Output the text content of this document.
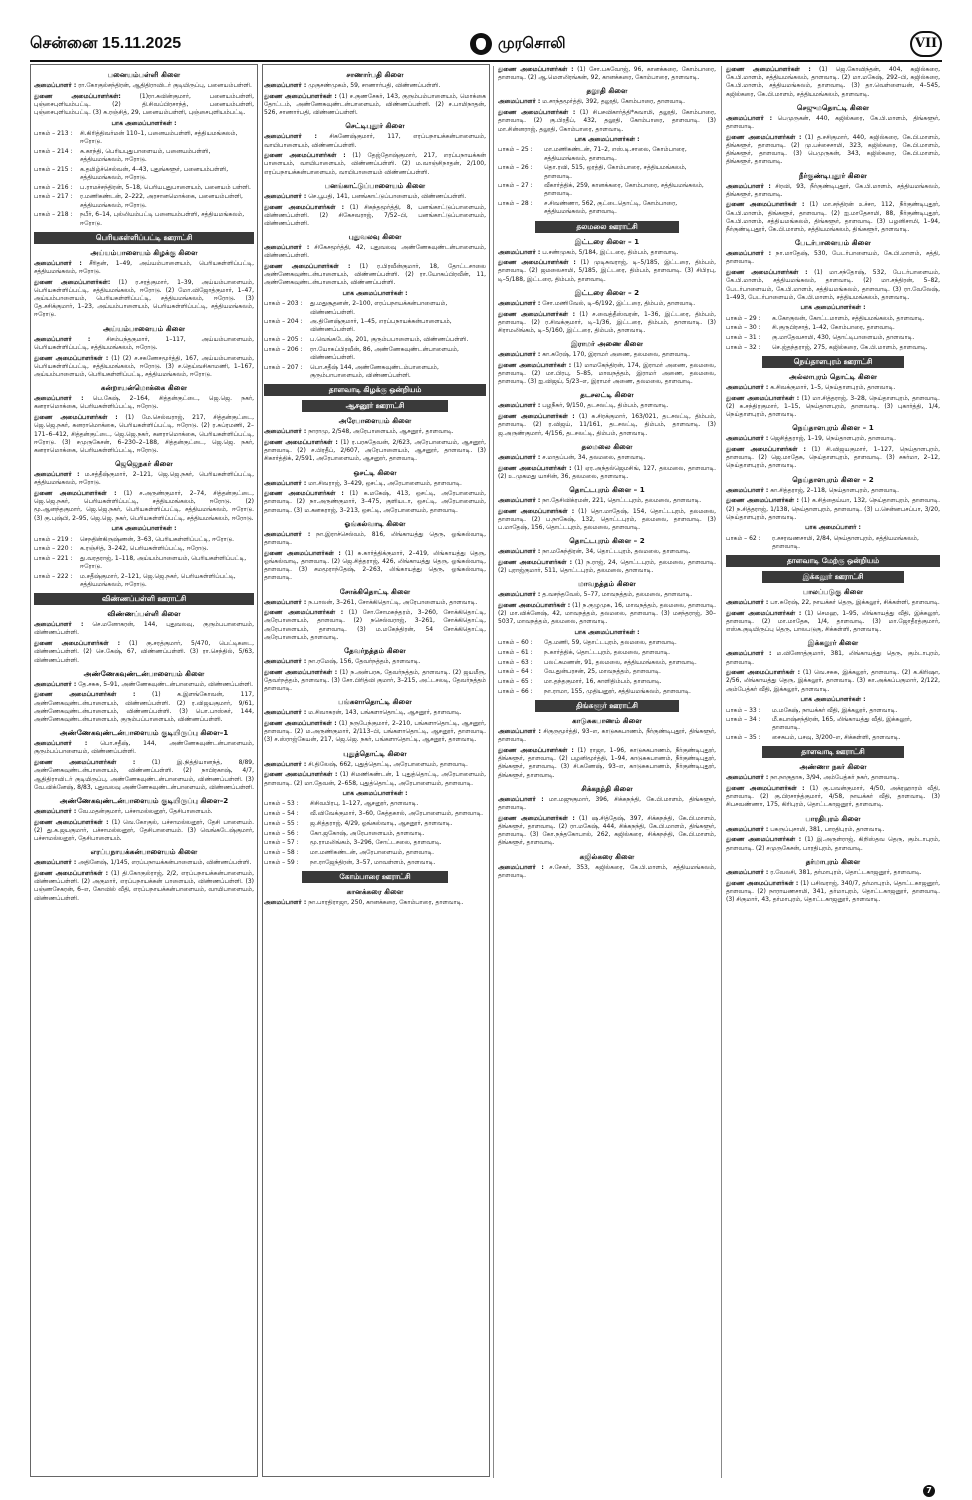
சென்னை 15.11.2025	முரசொலி	VII
பனையம்பள்ளி கிளை
அமைப்பாளர் : ரா.கோகுல்சந்திரன், ஆதிதிராவிடர் குடியிருப்பு, பனையம்பள்ளி.
துணை அமைப்பாளர்கள்:	(1)ரா.கவின்குமார், பனையம்பள்ளி, புஞ்சைபுளியம்பட்டி. (2) தி.சிவப்பிரசாந்த், பனையம்பள்ளி, புஞ்சைபுளியம்பட்டி. (3) சு.ரஞ்சித், 29, பனையம்பள்ளி, புஞ்சைபுளியம்பட்டி.
பாக அமைப்பாளர்கள் :
பாகம் – 213 :	சி.கிரித்திவர்மன் 110–1, பனையம்பள்ளி, சத்தியமங்கலம், ஈரோடு.
பாகம் – 214 :	சு.காந்தி, பெரியபுதுபாளையம், பனையம்பள்ளி, சத்தியமங்கலம், ஈரோடு.
பாகம் – 215 :	க.தமிழ்ச்செல்வன், 4–43, புதுங்களூர், பனையம்பள்ளி, சத்தியமங்கலம், ஈரோடு.
பாகம் – 216 :	ப.ராமச்சந்திரன், 5–18, பெரியபுதுபாளையம், பனையம் பள்ளி.
பாகம் – 217 :	ர.மணிகண்டன், 2–222, அரசானமொக்கை, பனையம்பள்ளி, சத்தியமங்கலம், ஈரோடு.
பாகம் – 218 :	நபீர், 6–14, புல்லியம்பட்டி பனையம்பள்ளி, சத்தியமங்கலம், ஈரோடு.
பெரியகள்ளிப்பட்டி ஊராட்சி
அய்யம்பாளையம் கிழக்கு கிளை
அமைப்பாளர் : சீரிதன், 1–49, அய்யம்பாளையம், பெரியகள்ளிப்பட்டி, சத்தியமங்கலம், ஈரோடு.
துணை அமைப்பாளர்கள்: (1) ர.சரத்குமார், 1–39, அய்யம்பாளையம், பெரியகள்ளிப்பட்டி, சத்தியமங்கலம், ஈரோடு. (2) மோ.விஜோத்குமார், 1–47, அய்யம்பாளையம், பெரியகள்ளிப்பட்டி, சத்தியமங்கலம், ஈரோடு. (3) தே.சசிக்குமார், 1–23, அய்யம்பாளையம், பெரியகள்ளிப்பட்டி, சத்தியமங்கலம், ஈரோடு.
அய்யம்பாளையம் கிளை
அமைப்பாளர் :	சிசம்பந்தகுமார், 1–117, அய்யம்பாளையம், பெரியகள்ளிப்பட்டி, சத்தியமங்கலம், ஈரோடு.
துணை அமைப்பாளர்கள் : (1) (2) ச.சகணேசமூர்த்தி, 167, அய்யம்பாளையம், பெரியகள்ளிப்பட்டி, சத்தியமங்கலம், ஈரோடு. (3) ச.தெய்வசிகாமணி, 1–167, அய்யம்பாளையம், பெரியகள்ளிப்பட்டி, சத்தியமங்கலம், ஈரோடு.
கன்றாயன்மொக்கை கிளை
அமைப்பாளர் : பெ.கேஷ், 2–164, சித்தன்குட்டை, ஜெ.ஜெ. நகர், கனராமொக்கை, பெரியகள்ளிப்பட்டி, ஈரோடு.
துணை அமைப்பாளர்கள் : (1) மே.செல்வராஜ், 217, சித்தன்குட்டை, ஜெ.ஜெ.நகர், கனராமொக்கை, பெரியகள்ளிப்பட்டி, ஈரோடு. (2) ர.சுப்ரமணி, 2–171–6–412, சித்தன்குட்டை, ஜெ.ஜெ.நகர், கனராமொக்கை, பெரியகள்ளிப்பட்டி, ஈரோடு. (3) சமுருகேசன், 6–230–2–188, சித்தன்குட்டை, ஜெ.ஜெ. நகர், கனராமொக்கை, பெரியகள்ளிப்பட்டி, ஈரோடு.
ஜெஜெநகர் கிளை
அமைப்பாளர் : ம.சத்தீஷ்குமார், 2–121, ஜெ.ஜெ.நகர், பெரியகள்ளிப்பட்டி, சத்தியமங்கலம், ஈரோடு.
துணை அமைப்பாளர்கள் : (1) ச.அருண்குமார், 2–74, சித்தன்குட்டை, ஜெ.ஜெ.நகர், பெரியகள்ளிப்பட்டி, சத்தியமங்கலம், ஈரோடு. (2) மூ.ஆனந்தகுமார், ஜெ.ஜெ.நகர், பெரியகள்ளிப்பட்டி, சத்தியமங்கலம், ஈரோடு. (3) கு.புஷ்பி, 2–95, ஜெ.ஜெ. நகர், பெரியகள்ளிப்பட்டி, சத்தியமங்கலம், ஈரோடு.
பாக அமைப்பாளர்கள் :
பாகம் – 219 :	செநதின்கிருஷ்ணன், 3–63, பெரியகள்ளிப்பட்டி, ஈரோடு.
பாகம் – 220 :	க.ரஞ்சித், 3–242, பெரியகள்ளிப்பட்டி, ஈரோடு.
பாகம் – 221 :	து.வரதராஜ், 1–118, அய்யம்பாளையம், பெரியகள்ளிப்பட்டி, ஈரோடு.
பாகம் – 222 :	ம.சதீஷ்குமார், 2–121, ஜெ.ஜெ.நகர், பெரியகள்ளிப்பட்டி, சத்தியமங்கலம், ஈரோடு.
விண்ணப்பள்ளி ஊராட்சி
விண்ணப்பள்ளி கிளை
அமைப்பாளர் : செ.மனோகரன், 144, புதுவலவு, குரும்பபாளையம், விண்ணப்பள்ளி.
துணை அமைப்பாளர்கள் : (1) கு.சரத்குமார், 5/470, பெட்டிகடை, விண்ணப்பள்ளி. (2) செ.கேஷ், 67, விண்ணப்பள்ளி. (3) ரா.செந்தில், 5/63, விண்ணப்பள்ளி.
அண்ணேகவுண்டன்பாளையம் கிளை
அமைப்பாளர் : தே.சசுசு, 5–91, அண்ணேகவுண்டன்பாளையம், விண்ணப்பள்ளி.
துணை அமைப்பாளர்கள் :	(1) க.இளங்கோவன், 117, அண்ணேகவுண்டன்பாளையம், விண்ணப்பள்ளி. (2) ர.விஜயகுமார், 9/61, அண்ணேகவுண்டன்பாளையம், விண்ணப்பள்ளி. (3) பொ.பாஸ்கர், 144, அண்ணேகவுண்டன்பாளையம், குரும்பப்பாளையம், விண்ணப்பள்ளி.
அண்ணேகவுண்டன்பாளையம் குடியிருப்பு கிளை–1
அமைப்பாளர் : பொ.சதீஷ், 144, அண்ணேகவுண்டன்பாளையம், குரும்பப்பாளையம், விண்ணப்பள்ளி.
துணை அமைப்பாளர்கள் :	(1) இ.நித்தியானந்த், 8/89, அண்ணேகவுண்டன்பாளையம், விண்ணப்பள்ளி. (2) நாபிரகாஷ், 4/7, ஆதிதிராவிடர் குடியிருப்பு, அண்ணேகவுண்டன்பாளையம், விண்ணப்பள்ளி. (3) வே.விக்னேஷ், 8/83, புதுவலவு அண்ணேகவுண்டன்பாளையம், விண்ணப்பள்ளி.
அண்ணேகவுண்டன்பாளையம் குடியிருப்பு கிளை–2
அமைப்பாளர் : வே.மதன்குமார், பச்சாமல்லனூர், தேசிபாளையம்.
துணை அமைப்பாளர்கள் : (1) வெ.கோகுல், பச்சாமல்லனூர், தேசி பாளையம். (2) து.க.ஜயகுமார், பச்சாமல்லனூர், தேசிபாளையம். (3) வெங்கடேஷ்குமார், பச்சாமல்லனூர், தேசிபாளையம்.
எரப்பநாயக்கன்பாளையம் கிளை
அமைப்பாளர் : அதினேஷ், 1/145, எரப்பநாயக்கன்பாளையம், விண்ணப்பள்ளி.
துணை அமைப்பாளர்கள் : (1) தி.கோகுல்ராஜ், 2/2, எரப்பநாயக்கன்பாளையம், விண்ணப்பள்ளி. (2) அகுமார், எரப்பநாயக்கன் பாளையம், விண்ணப்பள்ளி. (3) பஞ்ணசேகரன், 6–எ, கோவில் வீதி, எரப்பநாயக்கன்பாளையம், வாயிபாளையம், விண்ணப்பள்ளி.
சாணார்பதி கிளை
அமைப்பாளர் : முகுசண்முகம், 59, சாணார்பதி, விண்ணப்பள்ளி.
துணை அமைப்பாளர்கள் : (1) ச.குணசேகர், 143, குரும்பம்பாளையம், மொக்கை தோட்டம், அண்ணேகவுண்டன்பாளையம், விண்ணப்பள்ளி. (2) ச.பாமிநாதன், 526, சாணார்பதி, விண்ணப்பள்ளி.
செட்டிபுதூர் கிளை
அமைப்பாளர் : சிகணேஷ்குமார், 117, எரப்பநாயக்கன்பாளையம், வாயிபாளையம், விண்ணப்பள்ளி.
துணை அமைப்பாளர்கள் : (1) தேஜ்தோஷ்குமார், 217, எரப்பநாயக்கன் பாளையம், வாயிபாளையம், விண்ணப்பள்ளி. (2) ம.வாஞ்சிநாதன், 2/100, எரப்பநாயக்கன்பாளையம், வாயிபாளையம் விண்ணப்பள்ளி.
பனங்காட்டுப்பாளையம் கிளை
அமைப்பாளர் : செ.பூபதி, 141, பனங்காட்டுப்பாளையம், விண்ணப்பள்ளி.
துணை அமைப்பாளர்கள் : (1) சிகந்தமூர்த்தி, 8, பனங்காட்டுப்பாளையம், விண்ணப்பள்ளி. (2) சிகேசவராஜ், 7/52–பி, பனங்காட்டுப்பாளையம், விண்ணப்பள்ளி.
புதுவலவு கிளை
அமைப்பாளர் : சிகேசமூர்த்தி, 42, புதுவலவு அண்ணேகவுண்டன்பாளையம், விண்ணப்பள்ளி.
துணை அமைப்பாளர்கள் : (1) ர.பிரவீன்குமார், 18, தோட்டசாலை அண்ணேகவுண்டன்பாளையம், விண்ணப்பள்ளி. (2) ரா.யோகப்பிரவீன், 11, அண்ணேகவுண்டன்பாளையம், விண்ணப்பள்ளி.
பாக அமைப்பாளர்கள் :
பாகம் – 203 :	து.மதுசூதனன், 2–100, எரப்பநாயக்கன்பாளையம், விண்ணப்பள்ளி.
பாகம் – 204 :	அ.தினேஷ்குமார், 1–45, எரப்பநாயக்கன்பாளையம், விண்ணப்பள்ளி.
பாகம் – 205 :	ப.வெங்கடேஷ், 201, குரும்பபாளையம், விண்ணப்பள்ளி.
பாகம் – 206 :	ரா.யோகப்பிரவீன், 86, அண்ணேகவுண்டன்பாளையம், விண்ணப்பள்ளி.
பாகம் – 207 :	பொ.சதீஷ் 144, அண்ணேகவுண்டம்பாளையம், குரும்பாபாளையம், விண்ணப்பள்ளி.
தாளவாடி கிழக்கு ஒன்றியம்
ஆசனூர் ஊராட்சி
அரேபாளையம் கிளை
அமைப்பாளர் : நாராமு, 2/548, அரேபாளையம், ஆசனூர், தாளவாடி.
துணை அமைப்பாளர்கள் : (1) ர.பரசுதேவன், 2/623, அரேபாளையம், ஆசனூர், தாளவாடி. (2) ச.பிரதீப், 2/607, அரேபாளையம், ஆசனூர், தாளவாடி. (3) சிகார்த்திக், 2/591, அரேபாளையம், ஆசனூர், தாளவாடி.
ஒசட்டி கிளை
அமைப்பாளர் : மா.சிவராஜ், 3–429, ஒசட்டி, அரேபாளையம், தாளவாடி.
துணை அமைப்பாளர்கள் : (1) க.மகேஷ், 413, ஒசட்டி, அரேபாளையம், தாளவாடி. (2) நா.அருண்குமார், 3–475, குளியடா, ஒசட்டி, அரேபாளையம், தாளவாடி. (3) ம.கனகராஜ், 3–213, ஒசட்டி, அரேபாளையம், தாளவாடி.
ஓங்கல்வாடி கிளை
அமைப்பாளர் : நா.இராச்செல்வம், 816, லிங்காயத்து தெரு, ஓங்கல்வாடி, தாளவாடி.
துணை அமைப்பாளர்கள் : (1) சு.கார்த்திக்குமார், 2–419, லிங்காயத்து தெரு, ஓங்கல்வாடி, தாளவாடி. (2) ஜெ.சித்தராஜ், 426, லிங்காயத்து தெரு, ஓங்கல்வாடி, தாளவாடி. (3) சமமூராந்தேஷ், 2–263, லிங்காயத்து தெரு, ஓங்கல்வாடி, தாளவாடி.
சோக்கிதொட்டி கிளை
அமைப்பாளர் : ந.பாலன், 3–261, சோக்கிதொட்டி, அரேபாளையம், தாளவாடி.
துணை அமைப்பாளர்கள் : (1) சோ.சோமசுந்தரம், 3–260, சோக்கிதொட்டி, அரேபாளையம், தாளவாடி. (2) நசெல்வராஜ், 3–261, சோக்கிதொட்டி, அரேபாளையம், தாளவாடி. (3) ம.மகேந்திரன், 54 சோக்கிதொட்டி, அரேபாளையம், தாளவாடி.
தேவர்நத்தம் கிளை
அமைப்பாளர் : நா.ரமேஷ், 156, தேவர்நத்தம், தாளவாடி.
துணை அமைப்பாளர்கள் : (1) ந.அன்பரசு, தேவர்நத்தம், தாளவாடி. (2) ஜயமீரு, தேவர்நத்தம், தாளவாடி. (3) சோ.பிரித்வி குமார், 3–215, அட்டசலடி, தேவர்நத்தம் தாளவாடி.
பங்களாதொட்டி கிளை
அமைப்பாளர் : ம.சிவாகரன், 143, பங்களாதொட்டி, ஆசனூர், தாளவாடி.
துணை அமைப்பாளர்கள் : (1) நருபேந்குமார், 2–210, பங்களாதொட்டி, ஆசனூர், தாளவாடி. (2) ம.அருண்குமார், 2/113–பி, பங்களாதொட்டி, ஆசனூர், தாளவாடி. (3) ச.ஸ்ராஜ்கேயன், 217, ஜெ.ஜெ. நகர், பங்களாதொட்டி, ஆசனூர், தாளவாடி.
புதுத்தொட்டி கிளை
அமைப்பாளர் : சி.திலேஷ், 662, புதுத்தொட்டி, அரேபாளையம், தாளவாடி.
துணை அமைப்பாளர்கள் : (1) சிமணிகண்டன், 1 புதுத்தொட்டி, அரேபாளையம், தாளவாடி. (2) மா.தேவன், 2–658, புதுத்தொட்டி, அரேபாளையம், தாளவாடி.
பாக அமைப்பாளர்கள் :
பாகம் – 53 :	சிசிவபிரபு, 1–127, ஆசனூர், தாளவாடி.
பாகம் – 54 :	வீ.விவேக்குமார், 3–60, கேத்தகால், அரேபாளையம், தாளவாடி.
பாகம் – 55 :	ஜ.சித்தராஜ், 4/29, ஓங்கல்வாடி, ஆசனூர், தாளவாடி.
பாகம் – 56 :	கோ.ஜகோஷ், அரேபாளையம், தாளவாடி.
பாகம் – 57 :	மூ.ராமலிங்கம், 3–296, சோட்டசலை, தாளவாடி.
பாகம் – 58 :	மா.மணிகண்டன், அரேபாளையம், தாளவாடி.
பாகம் – 59 :	நா.ராஜேந்திரன், 3–57, மாவள்ளம், தாளவாடி.
கோம்பாரை ஊராட்சி
கானக்கரை கிளை
அமைப்பாளர் : நா.பாரதிராஜா, 250, கானக்கரை, கோம்பாரை, தாளவாடி.
துணை அமைப்பாளர்கள் : (1) சோ.பசுவோஜ், 96, கானக்கரை, கோம்பாரை, தாளவாடி. (2) ஆ.மெளலிரங்கன், 92, கானக்கரை, கோம்பாரை, தாளவாடி.
தலூதி கிளை
அமைப்பாளர் : ம.சாந்தமூர்த்தி, 392, தலூதி, கோம்பாரை, தாளவாடி.
துணை அமைப்பாளர்கள் : (1) சிபசவிகார்த்தி*சுவாமி, தலூதி, கோம்பாரை, தாளவாடி. (2) கு.பிரதீப், 432, தலூதி, கோம்பாரை, தாளவாடி. (3) மா.சின்னராஜ், தலூதி, கோம்பாரை, தாளவாடி.
பாக அமைப்பாளர்கள் :
பாகம் – 25 :	மா.மணிகண்டன், 71–2, எஸ்.டி.சாலை, கோம்பாரை, சத்தியமங்கலம், தாளவாடி.
பாகம் – 26 :	தொ.ரவி, 515, ஒரத்தி, கோம்பாரை, சத்தியமங்கலம், தாளவாடி.
பாகம் – 27 :	வீகார்த்திக், 259, கானக்கரை, கோம்பாரை, சத்தியமங்கலம், தாளவாடி.
பாகம் – 28 :	ச.சிவண்ணா, 562, குட்டைதொட்டி, கோம்பாரை, சத்தியமங்கலம், தாளவாடி.
தலமலை ஊராட்சி
இட்டரை கிளை – 1
அமைப்பாளர் : ப.சண்முகம், 5/184, இட்டரை, திம்பம், தாளவாடி.
துணை அமைப்பாளர்கள் : (1) முடிசுவராஜ், டி–5/185, இட்டரை, திம்பம், தாளவாடி. (2) ஜமலைசாமி, 5/185, இட்டரை, திம்பம், தாளவாடி. (3) சிபிரபு, டி–5/188, இட்டரை, திம்பம், தாளவாடி.
இட்டரை கிளை – 2
அமைப்பாளர் : சோ.மணிவேல், டி–6/192, இட்டரை, திம்பம், தாளவாடி.
துணை அமைப்பாளர்கள் : (1) ச.வைத்தீஸ்வரன், 1–36, இட்டரை, திம்பம், தாளவாடி. (2) ர.சிவக்குமார், டி–1/36, இட்டரை, திம்பம், தாளவாடி. (3) சிராமலிங்கம், டி–5/160, இட்டரை, திம்பம், தாளவாடி.
இராமர் அணை கிளை
அமைப்பாளர் : கா.கரேஷ், 170, இராமர் அணை, தலமலை, தாளவாடி.
துணை அமைப்பாளர்கள் : (1) மாமகேந்திரன், 174, இராமர் அணை, தலமலை, தாளவாடி. (2) மா.பிரபு, 5–85, மாவநத்தம், இராமர் அணை, தலமலை, தாளவாடி. (3) ஐ.விஜய், 5/23–எ, இராமர் அணை, தலமலை, தாளவாடி.
தடசலட்டி கிளை
அமைப்பாளர் : பழநீசுர், 9/150, தடசலட்டி, திம்பம், தாளவாடி.
துணை அமைப்பாளர்கள் : (1) க.சிரக்குமார், 163/021, தடசலட்டி, திம்பம், தாளவாடி. (2) ர.விஜய், 11/161, தடசலட்டி, திம்பம், தாளவாடி. (3) ஜ.அருண்குமார், 4/156, தடசலட்டி, திம்பம், தாளவாடி.
தலமலை கிளை
அமைப்பாளர் : ச.மாதப்பன், 34, தலமலை, தாளவாடி.
துணை அமைப்பாளர்கள் : (1) ஏர.அந்தல்ஜெமசிங், 127, தலமலை, தாளவாடி. (2) உ.முகமது யாசின், 36, தலமலை, தாளவாடி.
தொட்டபுரம் கிளை – 1
அமைப்பாளர் : நா.தேசிவிக்ரமன், 221, தொட்டபுரம், தலமலை, தாளவாடி.
துணை அமைப்பாளர்கள் : (1) தொ.மாதேஷ், 154, தொட்டபுரம், தலமலை, தாளவாடி. (2) ப.நாகேஷ், 132, தொட்டபுரம், தலமலை, தாளவாடி. (3) ப.மாதேஷ், 156, தொட்டபுரம், தலமலை, தாளவாடி.
தொட்டபுரம் கிளை – 2
அமைப்பாளர் : நா.மகேந்திரன், 34, தொட்டபுரம், தலமலை, தாளவாடி.
துணை அமைப்பாளர்கள் : (1) ந.ராஜ், 24, தொட்டபுரம், தலமலை, தாளவாடி. (2) புராஜ்குமார், 511, தொட்டபுரம், தலமலை, தாளவாடி.
மாவநத்தம் கிளை
அமைப்பாளர் : த.வசந்தவேல், 5–77, மாவநத்தம், தலமலை, தாளவாடி.
துணை அமைப்பாளர்கள் : (1) ந.குழுமுக, 16, மாவநத்தம், தலமலை, தாளவாடி. (2) மா.விக்னேஷ், 42, மாவநத்தம், தலமலை, தாளவாடி. (3) மசந்தராஜ், 30–5037, மாவநத்தம், தலமலை, தாளவாடி.
பாக அமைப்பாளர்கள் :
பாகம் – 60 :	தே.மணி, 59, தொட்டபுரம், தலமலை, தாளவாடி.
பாகம் – 61 :	ந.கார்த்திக், தொட்டபுரம், தலமலை, தாளவாடி.
பாகம் – 63 :	பலட்சுமணன், 91, தலமலை, சத்தியமங்கலம், தாளவாடி.
பாகம் – 64 :	வே.துன்பரசன், 25, மாவநத்தம், தாளவாடி.
பாகம் – 65 :	மா.தந்தகுமார், 16, காளிதிம்பம், தாளவாடி.
பாகம் – 66 :	நா.ராமா, 155, முதியனூர், சத்தியமங்கலம், தாளவாடி.
திங்களூர் ஊராட்சி
காடுசுகபாணம் கிளை
அமைப்பாளர் : சிகுருமூர்த்தி, 93–எ, காடுசுகபாணம், நீர்குண்டிபுதூர், திங்களூர், தாளவாடி.
துணை அமைப்பாளர்கள் : (1) ராஜா, 1–96, காடுசுகபாணம், நீர்குண்டிபுதூர், திங்களூர், தாளவாடி. (2) பழனிமூர்த்தி, 1–94, காடுசுகபாணம், நீர்குண்டிபுதூர், திங்களூர், தாளவாடி. (3) சி.கணேஷ், 93–எ, காடுசுகபாணம், நீர்குண்டிபுதூர், திங்களூர், தாளவாடி.
சிக்கநந்தி கிளை
அமைப்பாளர் : மா.மஜுகுமார், 396, சிக்கநந்தி, கே.பி.மாளம், திங்களூர், தாளவாடி.
துணை அமைப்பாளர்கள் : (1) ஷ.சித்தேஷ், 397, சிக்கநந்தி, கே.பி.மாளம், திங்களூர், தாளவாடி. (2) ரா.மகேஷ், 444, சிக்கநந்தி, கே.பி.மாளம், திங்களூர், தாளவாடி. (3) கோ.நந்தகோபால், 262, கஜில்கரை, சிக்கநந்தி, கே.பி.மாளம், திங்களூர், தாளவாடி.
கஜில்கரை கிளை
அமைப்பாளர் : ச.சேகர், 353, கஜில்கரை, கே.பி.மாளம், சத்தியமங்கலம், தாளவாடி.
துணை அமைப்பாளர்கள் : (1) ஜெ.கோவிந்தன், 404, கஜில்கரை, கே.பி.மாளம், சத்தியமங்கலம், தாளவாடி. (2) மா.மகேஷ், 292–பி, கஜில்கரை, கே.பி.மாளம், சத்தியமங்கலம், தாளவாடி. (3) தா.வெள்ளையன், 4–545, கஜில்கரை, கே.பி.மாளம், சத்தியமங்கலம், தாளவாடி.
செஜுமதொட்டி கிளை
அமைப்பாளர் : பெமுருகன், 440, கஜில்கரை, கே.பி.மாளம், திங்களூர், தாளவாடி.
துணை அமைப்பாளர்கள் : (1) த.சசிகுமார், 440, கஜில்கரை, கே.பி.மாளம், திங்களூர், தாளவாடி. (2) மு.பச்சைசாமி, 323, கஜில்கரை, கே.பி.மாளம், திங்களூர், தாளவாடி. (3) பெமுருகன், 343, கஜில்கரை, கே.பி.மாளம், திங்களூர், தாளவாடி.
நீர்குண்டிபுதூர் கிளை
அமைப்பாளர் : சிரவி, 93, நீர்குண்டிபுதூர், கே.பி.மாளம், சத்தியமங்கலம், திங்களூர், தாளவாடி.
துணை அமைப்பாளர்கள் : (1) மா.சந்திரன் உச்சா, 112, நீர்குண்டிபுதூர், கே.பி.மாளம், திங்களூர், தாளவாடி. (2) ஐ.மாதேசாமி, 88, நீர்குண்டிபுதூர், கே.பி.மாளம், சத்தியமங்கலம், திங்களூர், தாளவாடி. (3) பழனிசாமி, 1–94, நீர்குண்டிபுதூர், கே.பி.மாளம், சத்தியமங்கலம், திங்களூர், தாளவாடி.
பேடர்பாளையம் கிளை
அமைப்பாளர் : நா.மாதேஷ், 530, பேடர்பாளையம், கே.பி.மாளம், சத்தி, தாளவாடி.
துணை அமைப்பாளர்கள் : (1) மா.சந்தோஷ், 532, பேடர்பாளையம், கே.பி.மாளம், சத்தியமங்கலம், தாளவாடி. (2) மா.சந்திரன், 5–82, பேடர்பாளையம், கே.பி.மாளம், சத்தியமங்கலம், தாளவாடி. (3) ரா.வேலேஷ், 1–493, பேடர்பாளையம், கே.பி.மாளம், சத்தியமங்கலம், தாளவாடி.
பாக அமைப்பாளர்கள் :
பாகம் – 29 :	க.கோகுலன், கோட்டமாளம், சத்தியமங்கலம், தாளவாடி.
பாகம் – 30 :	சி.குருபிரசாத், 1–42, கோம்பாரை, தாளவாடி.
பாகம் – 31 :	கு.மாதேவசாமி, 430, தொட்டிபாளையம், தாளவாடி.
பாகம் – 32 :	செ.ஜ்தந்தராஜ், 275, கஜில்கரை, கே.பி.மாளம், தாளவாடி.
நெய்தாளபுரம் ஊராட்சி
அல்லாபுரம் தொட்டி கிளை
அமைப்பாளர் : க.சிவக்குமார், 1–5, நெய்தாளபுரம், தாளவாடி.
துணை அமைப்பாளர்கள் : (1) மா.சித்தராஜ், 3–28, நெய்தாளபுரம், தாளவாடி. (2) க.சந்திரகுமார், 1–15, நெய்தாளபுரம், தாளவாடி. (3) புகார்த்தி, 1/4, நெய்தாளபுரம், தாளவாடி.
நெய்தாளபுரம் கிளை – 1
அமைப்பாளர் : ஜெசித்தராஜ், 1–19, நெய்தாளபுரம், தாளவாடி.
துணை அமைப்பாளர்கள் : (1) சி.விஜயகுமார், 1–127, நெய்தாளபுரம், தாளவாடி. (2) ஜெ.மாதேசு, நெய்தாளபுரம், தாளவாடி. (3) சசுர்மா, 2–12, நெய்தாளபுரம், தாளவாடி.
நெய்தாளபுரம் கிளை – 2
அமைப்பாளர் : கா.சித்தராஜ், 2–118, நெய்தாளபுரம், தாளவாடி.
துணை அமைப்பாளர்கள் : (1) க.சித்தைய்யா, 132, நெய்தாளபுரம், தாளவாடி. (2) ந.சித்தராஜ், 1/138, நெய்தாளபுரம், தாளவாடி. (3) ப.சென்னபசப்பா, 3/20, நெய்தாளபுரம், தாளவாடி.
பாக அமைப்பாளர் :
பாகம் – 62 :	ர.சசரவணசாமி, 2/84, நெய்தாளபுரம், சத்தியமங்கலம், தாளவாடி.
தாளவாடி மேற்கு ஒன்றியம்
இக்கலூர் ஊராட்சி
பாலப்படுகு கிளை
அமைப்பாளர் : பா.சுரேஷ், 22, நாயக்கர் தெரு, இக்கலூர், சிக்கள்ளி, தாளவாடி.
துணை அமைப்பாளர்கள் : (1) செமஹ, 1–95, லிங்காயத்து வீதி, இக்கலூர், தாளவாடி. (2) மா.மாதேசு, 1/4, தாளவாடி. (3) மா.ஜோதீரத்குமார், எஸ்சு.குடியிருப்பு தெரு, பாலபடுகு, சிக்கள்ளி, தாளவாடி.
இக்கலூர் கிளை
அமைப்பாளர் : ம.வினோத்குமார், 381, லிங்காயத்து தெரு, கும்டாபுரம், தாளவாடி.
துணை அமைப்பாளர்கள் : (1) வெ.சசுசு, இக்கலூர், தாளவாடி. (2) க.கிரிஷா, 2/56, லிங்காயத்து தெரு, இக்கலூர், தாளவாடி. (3) கா.அக்கப்பகுமார், 2/122, அம்பேத்கர் வீதி, இக்கலூர், தாளவாடி.
பாக அமைப்பாளர்கள் :
பாகம் – 33 :	ம.மகேஷ், நாயக்கர் வீதி, இக்கலூர், தாளவாடி.
பாகம் – 34 :	மீ.கபாஷ்சந்திரன், 165, லிங்காயத்து வீதி, இக்கலூர், தாளவாடி.
பாகம் – 35 :	சைசுபம், பசவு, 3/200–எ, சிக்கள்ளி, தாளவாடி.
தாளவாடி ஊராட்சி
அண்ணா நகர் கிளை
அமைப்பாளர் : நா.நாகுதாசு, 3/94, அம்பேத்கர் நகர், தாளவாடி.
துணை அமைப்பாளர்கள் : (1) கு.பவன்குமார், 4/50, அக்ரஹாரம் வீதி, தாளவாடி. (2) கு.பிரசாந்த்குமார், 4/58, நாயக்கர் வீதி, தாளவாடி. (3) சிபசவண்ணா, 175, கிரிபுரம், தொட்டகாஜனூர், தாளவாடி.
பாரதிபுரம் கிளை
அமைப்பாளர் : பகருப்புசாமி, 381, பாரதிபுரம், தாளவாடி.
துணை அமைப்பாளர்கள் : (1) இ.அருள்ராஜ், கிறிஸ்தவ தெரு, கும்டாபுரம், தாளவாடி. (2) சமுருகேசன், பாரதிபுரம், தாளவாடி.
தர்மாபுரம் கிளை
அமைப்பாளர் : ர.வேலசி, 381, தர்மாபுரம், தொட்டகாஜனூர், தாளவாடி.
துணை அமைப்பாளர்கள் : (1) பசிவராஜ், 340/7, தர்மாபுரம், தொட்டகாஜனூர், தாளவாடி. (2) நாராயணசாமி, 341, தர்மாபுரம், தொட்டகாஜனூர், தாளவாடி. (3) சிகுமார், 43, தர்மாபுரம், தொட்டகாஜனூர், தாளவாடி.
7
